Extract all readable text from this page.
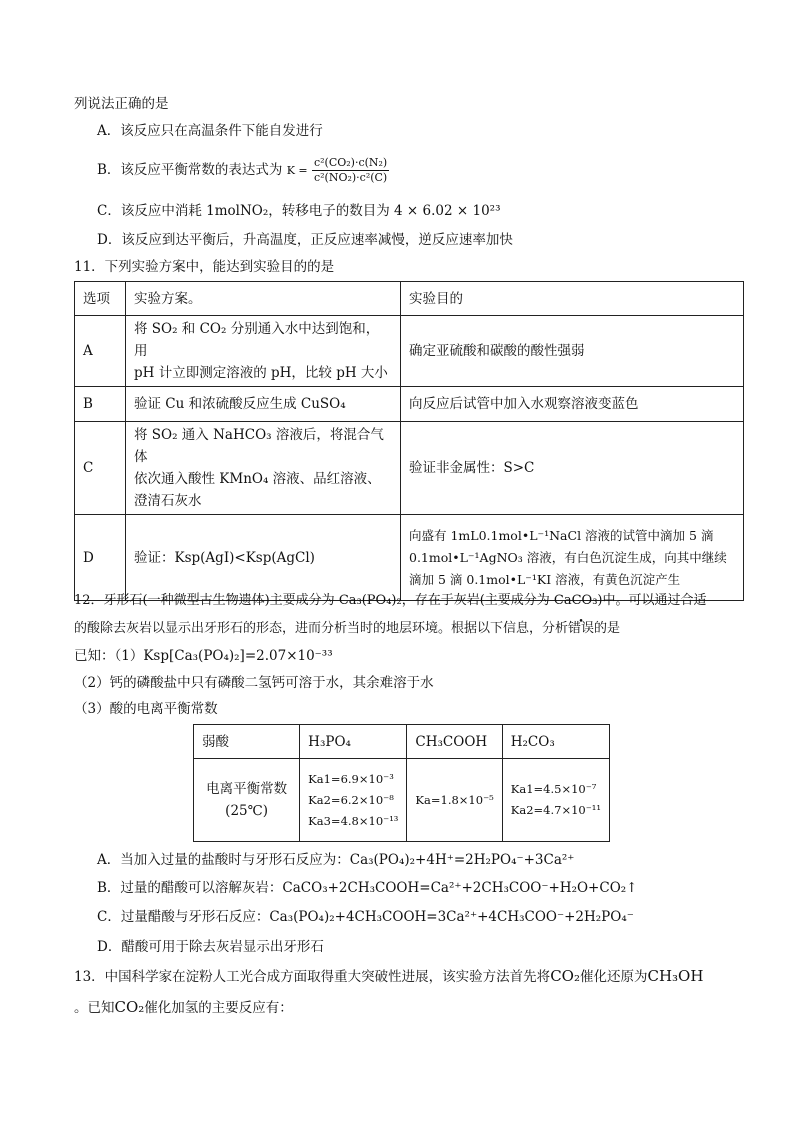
列说法正确的是
A．该反应只在高温条件下能自发进行
B．该反应平衡常数的表达式为 $K = \frac{\text{c²(CO₂)·c(N₂)}}{\text{c²(NO₂)·c²(C)}}$
C．该反应中消耗 1molNO₂，转移电子的数目为 4 × 6.02 × 10²³
D．该反应到达平衡后，升高温度，正反应速率减慢，逆反应速率加快
11．下列实验方案中，能达到实验目的的是
选项	实验方案。	实验目的
A	将 SO₂ 和 CO₂ 分别通入水中达到饱和，用
pH 计立即测定溶液的 pH，比较 pH 大小	确定亚硫酸和碳酸的酸性强弱
B	验证 Cu 和浓硫酸反应生成 CuSO₄	向反应后试管中加入水观察溶液变蓝色
C	将 SO₂ 通入 NaHCO₃ 溶液后，将混合气体
依次通入酸性 KMnO₄ 溶液、品红溶液、
澄清石灰水	验证非金属性：S>C
D	验证：Ksp(AgI)<Ksp(AgCl)	向盛有 1mL0.1mol•L⁻¹NaCl 溶液的试管中滴加 5 滴
0.1mol•L⁻¹AgNO₃ 溶液，有白色沉淀生成，向其中继续
滴加 5 滴 0.1mol•L⁻¹KI 溶液，有黄色沉淀产生
12．牙形石(一种微型古生物遗体)主要成分为 Ca₃(PO₄)₂，存在于灰岩(主要成分为 CaCO₃)中。可以通过合适
的酸除去灰岩以显示出牙形石的形态，进而分析当时的地层环境。根据以下信息，分析错误的是
已知：（1）Ksp[Ca₃(PO₄)₂]=2.07×10⁻³³
（2）钙的磷酸盐中只有磷酸二氢钙可溶于水，其余难溶于水
（3）酸的电离平衡常数
弱酸	H₃PO₄	CH₃COOH	H₂CO₃
电离平衡常数(25℃)	Ka1=6.9×10⁻³
Ka2=6.2×10⁻⁸
Ka3=4.8×10⁻¹³	Ka=1.8×10⁻⁵	Ka1=4.5×10⁻⁷
Ka2=4.7×10⁻¹¹
A．当加入过量的盐酸时与牙形石反应为：Ca₃(PO₄)₂+4H⁺=2H₂PO₄⁻+3Ca²⁺
B．过量的醋酸可以溶解灰岩：CaCO₃+2CH₃COOH=Ca²⁺+2CH₃COO⁻+H₂O+CO₂↑
C．过量醋酸与牙形石反应：Ca₃(PO₄)₂+4CH₃COOH=3Ca²⁺+4CH₃COO⁻+2H₂PO₄⁻
D．醋酸可用于除去灰岩显示出牙形石
13．中国科学家在淀粉人工光合成方面取得重大突破性进展，该实验方法首先将CO₂催化还原为CH₃OH
。已知CO₂催化加氢的主要反应有：
